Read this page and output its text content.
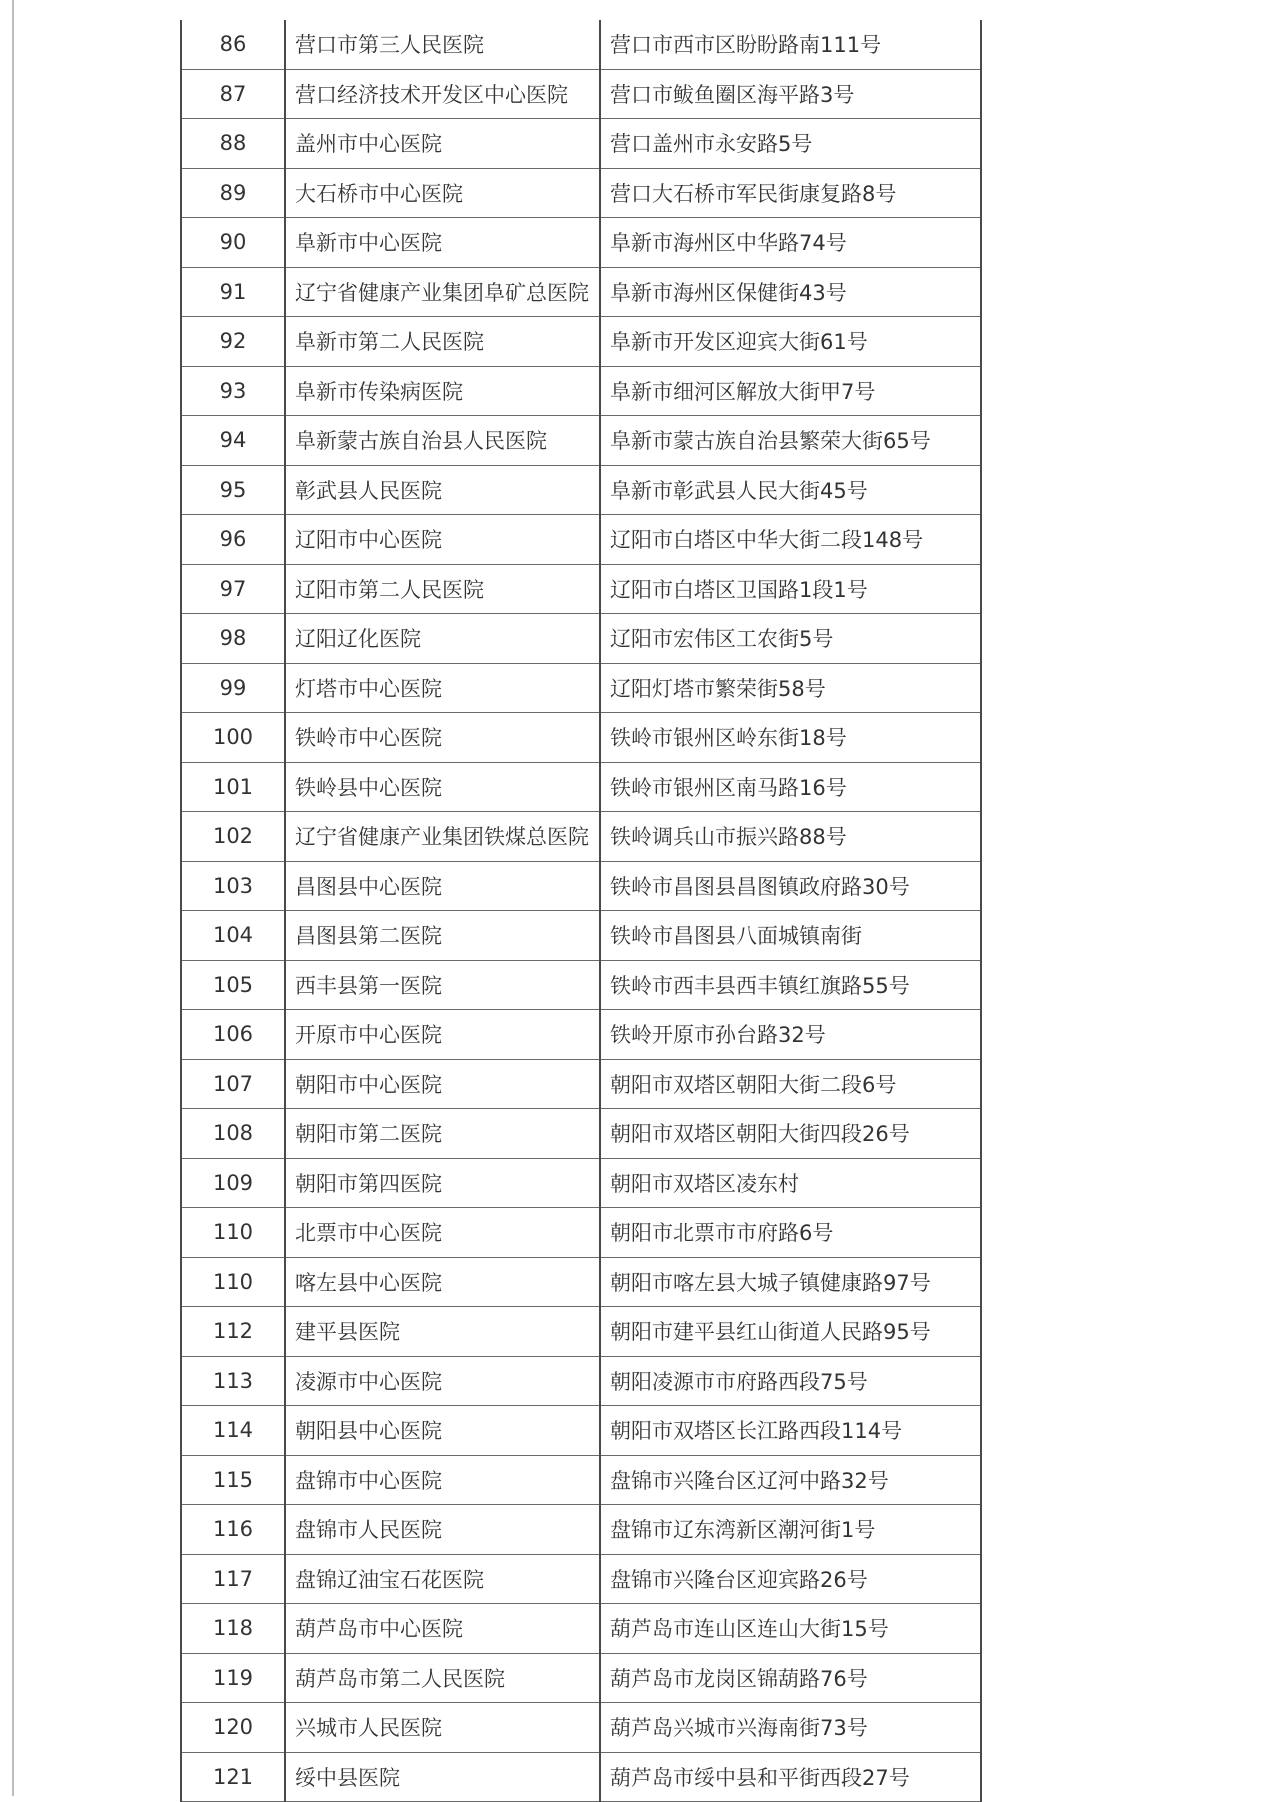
86	营口市第三人民医院	营口市西市区盼盼路南111号
87	营口经济技术开发区中心医院	营口市鲅鱼圈区海平路3号
88	盖州市中心医院	营口盖州市永安路5号
89	大石桥市中心医院	营口大石桥市军民街康复路8号
90	阜新市中心医院	阜新市海州区中华路74号
91	辽宁省健康产业集团阜矿总医院	阜新市海州区保健街43号
92	阜新市第二人民医院	阜新市开发区迎宾大街61号
93	阜新市传染病医院	阜新市细河区解放大街甲7号
94	阜新蒙古族自治县人民医院	阜新市蒙古族自治县繁荣大街65号
95	彰武县人民医院	阜新市彰武县人民大街45号
96	辽阳市中心医院	辽阳市白塔区中华大街二段148号
97	辽阳市第二人民医院	辽阳市白塔区卫国路1段1号
98	辽阳辽化医院	辽阳市宏伟区工农街5号
99	灯塔市中心医院	辽阳灯塔市繁荣街58号
100	铁岭市中心医院	铁岭市银州区岭东街18号
101	铁岭县中心医院	铁岭市银州区南马路16号
102	辽宁省健康产业集团铁煤总医院	铁岭调兵山市振兴路88号
103	昌图县中心医院	铁岭市昌图县昌图镇政府路30号
104	昌图县第二医院	铁岭市昌图县八面城镇南街
105	西丰县第一医院	铁岭市西丰县西丰镇红旗路55号
106	开原市中心医院	铁岭开原市孙台路32号
107	朝阳市中心医院	朝阳市双塔区朝阳大街二段6号
108	朝阳市第二医院	朝阳市双塔区朝阳大街四段26号
109	朝阳市第四医院	朝阳市双塔区凌东村
110	北票市中心医院	朝阳市北票市市府路6号
110	喀左县中心医院	朝阳市喀左县大城子镇健康路97号
112	建平县医院	朝阳市建平县红山街道人民路95号
113	凌源市中心医院	朝阳凌源市市府路西段75号
114	朝阳县中心医院	朝阳市双塔区长江路西段114号
115	盘锦市中心医院	盘锦市兴隆台区辽河中路32号
116	盘锦市人民医院	盘锦市辽东湾新区潮河街1号
117	盘锦辽油宝石花医院	盘锦市兴隆台区迎宾路26号
118	葫芦岛市中心医院	葫芦岛市连山区连山大街15号
119	葫芦岛市第二人民医院	葫芦岛市龙岗区锦葫路76号
120	兴城市人民医院	葫芦岛兴城市兴海南街73号
121	绥中县医院	葫芦岛市绥中县和平街西段27号
